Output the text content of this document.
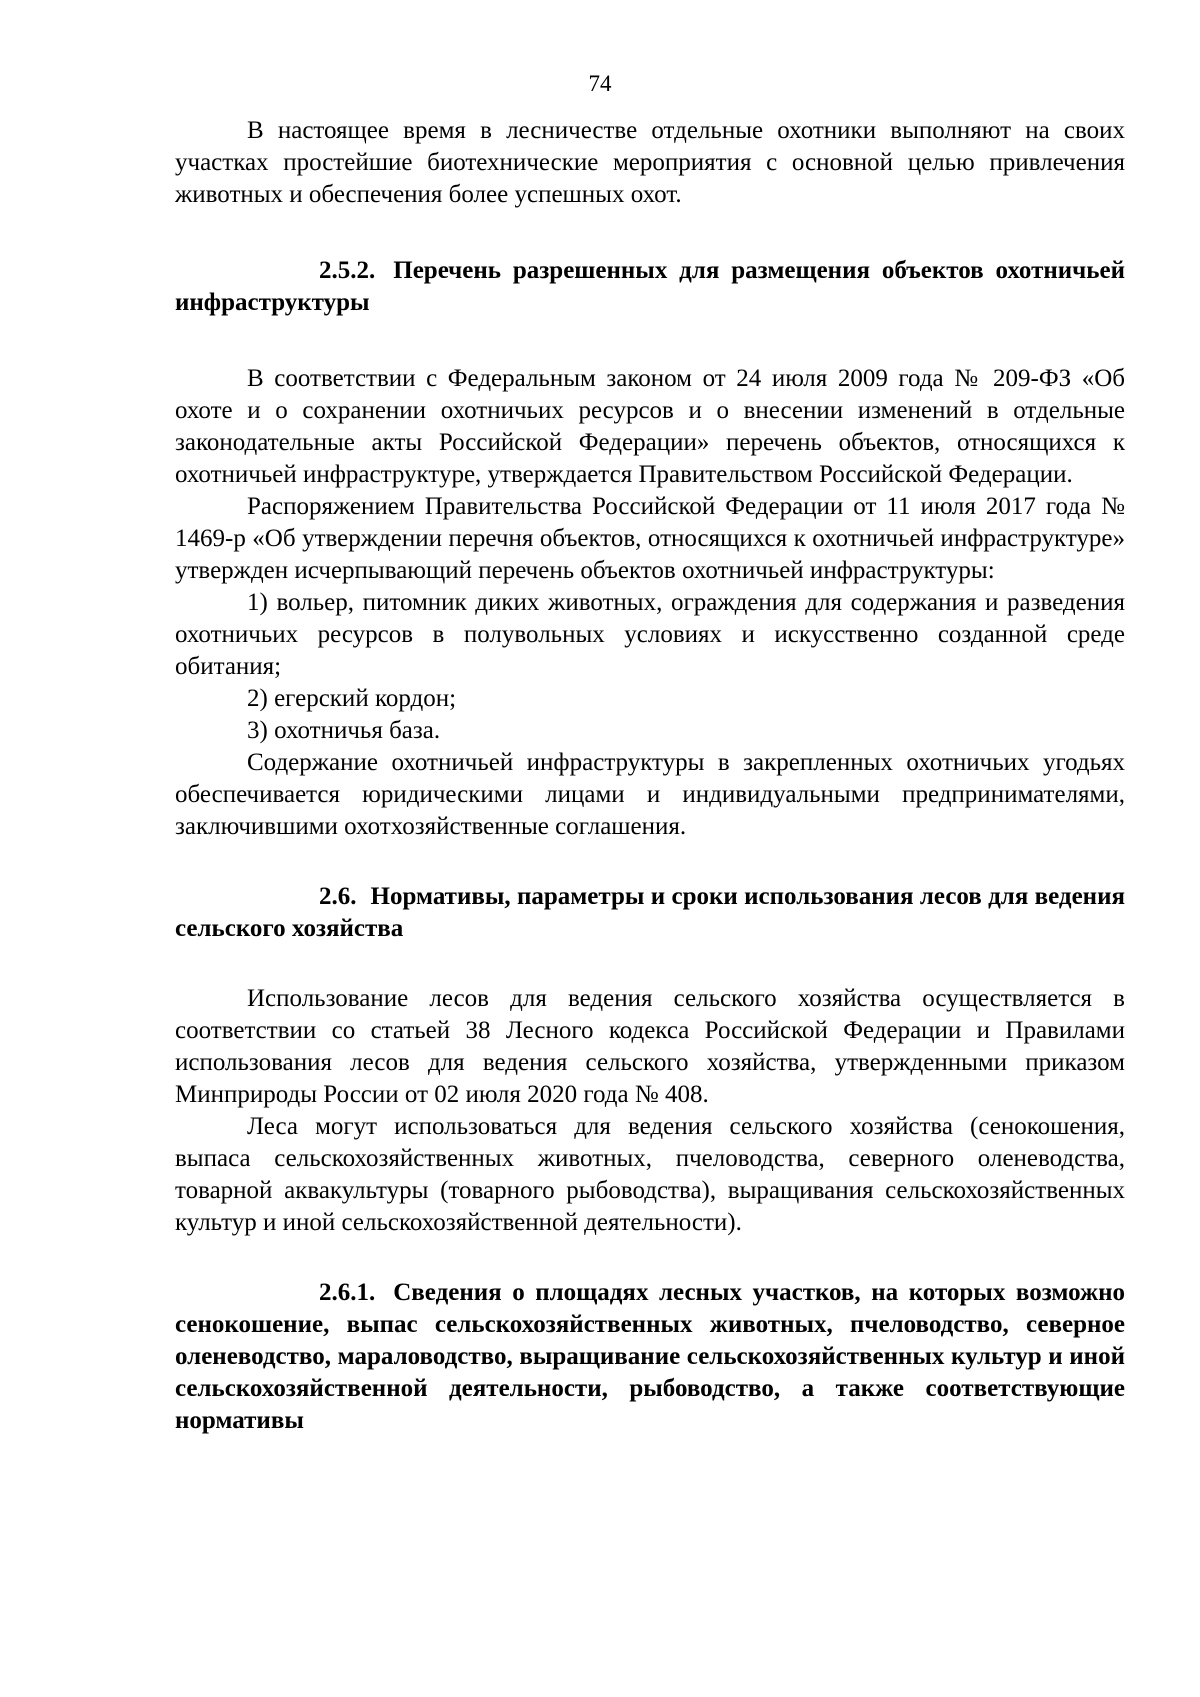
74

В настоящее время в лесничестве отдельные охотники выполняют на своих участках простейшие биотехнические мероприятия с основной целью привлечения животных и обеспечения более успешных охот.

2.5.2. Перечень разрешенных для размещения объектов охотничьей инфраструктуры

В соответствии с Федеральным законом от 24 июля 2009 года № 209-ФЗ «Об охоте и о сохранении охотничьих ресурсов и о внесении изменений в отдельные законодательные акты Российской Федерации» перечень объектов, относящихся к охотничьей инфраструктуре, утверждается Правительством Российской Федерации.

Распоряжением Правительства Российской Федерации от 11 июля 2017 года № 1469-р «Об утверждении перечня объектов, относящихся к охотничьей инфраструктуре» утвержден исчерпывающий перечень объектов охотничьей инфраструктуры:

1) вольер, питомник диких животных, ограждения для содержания и разведения охотничьих ресурсов в полувольных условиях и искусственно созданной среде обитания;

2) егерский кордон;

3) охотничья база.

Содержание охотничьей инфраструктуры в закрепленных охотничьих угодьях обеспечивается юридическими лицами и индивидуальными предпринимателями, заключившими охотхозяйственные соглашения.

2.6. Нормативы, параметры и сроки использования лесов для ведения сельского хозяйства

Использование лесов для ведения сельского хозяйства осуществляется в соответствии со статьей 38 Лесного кодекса Российской Федерации и Правилами использования лесов для ведения сельского хозяйства, утвержденными приказом Минприроды России от 02 июля 2020 года № 408.

Леса могут использоваться для ведения сельского хозяйства (сенокошения, выпаса сельскохозяйственных животных, пчеловодства, северного оленеводства, товарной аквакультуры (товарного рыбоводства), выращивания сельскохозяйственных культур и иной сельскохозяйственной деятельности).

2.6.1. Сведения о площадях лесных участков, на которых возможно сенокошение, выпас сельскохозяйственных животных, пчеловодство, северное оленеводство, мараловодство, выращивание сельскохозяйственных культур и иной сельскохозяйственной деятельности, рыбоводство, а также соответствующие нормативы
